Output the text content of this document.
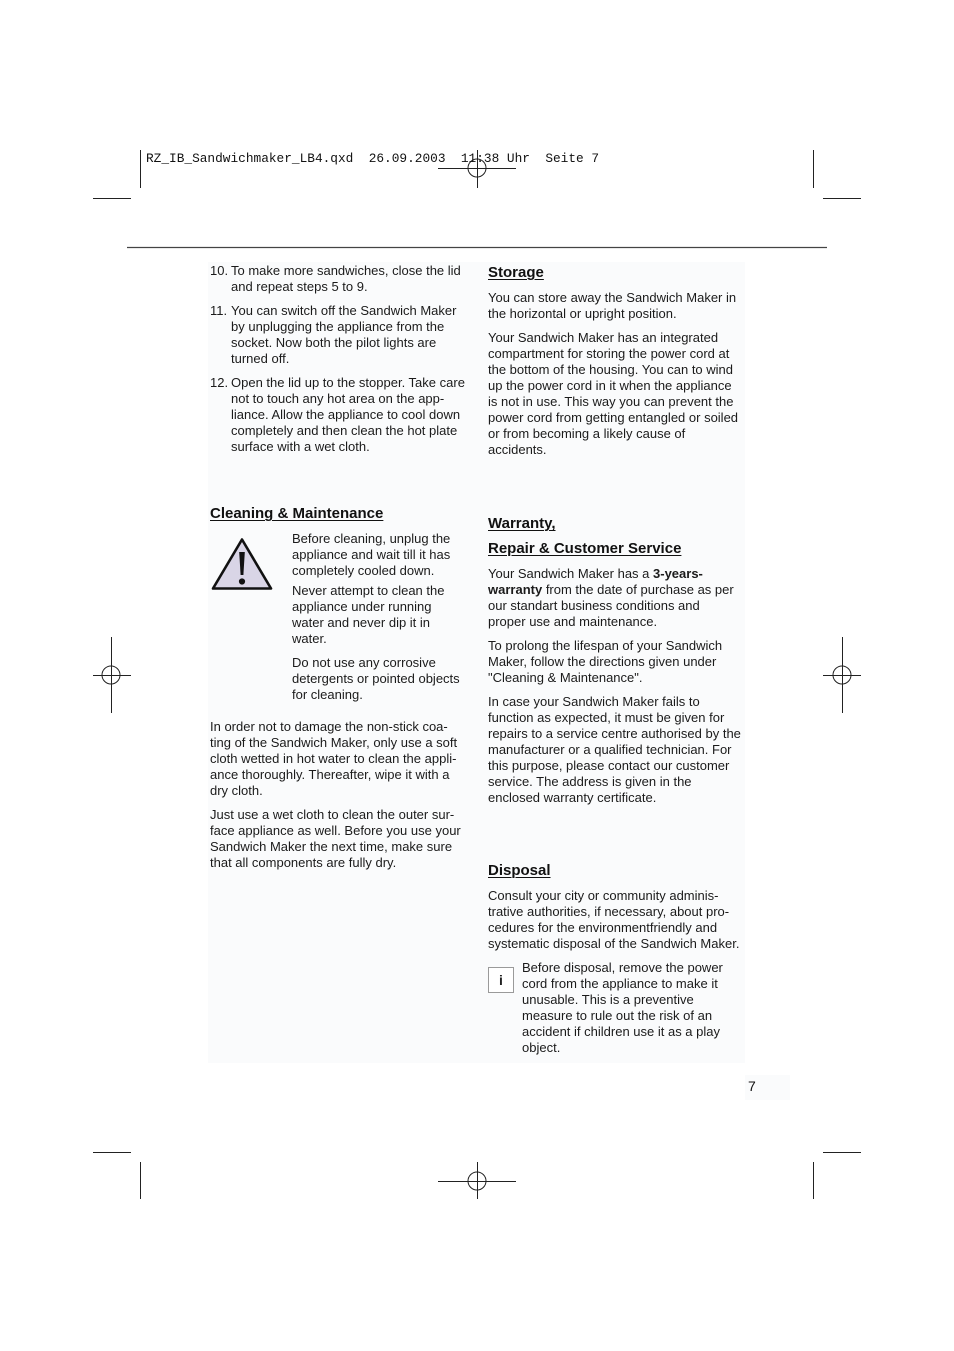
RZ_IB_Sandwichmaker_LB4.qxd  26.09.2003  11:38 Uhr  Seite 7
10. To make more sandwiches, close the lid
and repeat steps 5 to 9.
11. You can switch off the Sandwich Maker
by unplugging the appliance from the
socket. Now both the pilot lights are
turned off.
12. Open the lid up to the stopper. Take care
not to touch any hot area on the app-
liance. Allow the appliance to cool down
completely and then clean the hot plate
surface with a wet cloth.
Cleaning & Maintenance
Before cleaning, unplug the
appliance and wait till it has
completely cooled down.
Never attempt to clean the
appliance under running
water and never dip it in
water.
Do not use any corrosive
detergents or pointed objects
for cleaning.
In order not to damage the non-stick coa-
ting of the Sandwich Maker, only use a soft
cloth wetted in hot water to clean the appli-
ance thoroughly. Thereafter, wipe it with a
dry cloth.
Just use a wet cloth to clean the outer sur-
face appliance as well. Before you use your
Sandwich Maker the next time, make sure
that all components are fully dry.
Storage
You can store away the Sandwich Maker in
the horizontal or upright position.
Your Sandwich Maker has an integrated
compartment for storing the power cord at
the bottom of the housing. You can to wind
up the power cord in it when the appliance
is not in use. This way you can prevent the
power cord from getting entangled or soiled
or from becoming a likely cause of
accidents.
Warranty,
Repair & Customer Service
Your Sandwich Maker has a 3-years-
warranty from the date of purchase as per
our standart business conditions and
proper use and maintenance.
To prolong the lifespan of your Sandwich
Maker, follow the directions given under
"Cleaning & Maintenance".
In case your Sandwich Maker fails to
function as expected, it must be given for
repairs to a service centre authorised by the
manufacturer or a qualified technician. For
this purpose, please contact our customer
service. The address is given in the
enclosed warranty certificate.
Disposal
Consult your city or community adminis-
trative authorities, if necessary, about pro-
cedures for the environmentfriendly and
systematic disposal of the Sandwich Maker.
i
Before disposal, remove the power
cord from the appliance to make it
unusable. This is a preventive
measure to rule out the risk of an
accident if children use it as a play
object.
7
